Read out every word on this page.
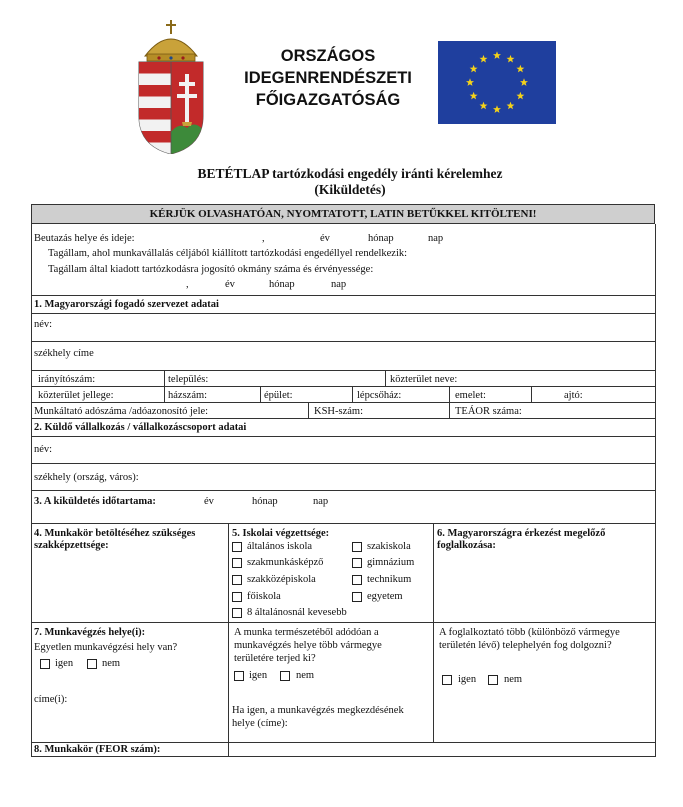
ORSZÁGOS
IDEGENRENDÉSZETI
FŐIGAZGATÓSÁG
BETÉTLAP tartózkodási engedély iránti kérelemhez
(Kiküldetés)
KÉRJÜK OLVASHATÓAN, NYOMTATOTT, LATIN BETŰKKEL KITÖLTENI!
Beutazás helye és ideje:	,	év	hónap	nap
Tagállam, ahol munkavállalás céljából kiállított tartózkodási engedéllyel rendelkezik:
Tagállam által kiadott tartózkodásra jogosító okmány száma és érvényessége:
,	év	hónap	nap
1. Magyarországi fogadó szervezet adatai
név:
székhely címe
irányítószám:	település:	közterület neve:
közterület jellege:	házszám:	épület:	lépcsőház:	emelet:	ajtó:
Munkáltató adószáma /adóazonosító jele:	KSH-szám:	TEÁOR száma:
2. Küldő vállalkozás / vállalkozáscsoport adatai
név:
székhely (ország, város):
3. A kiküldetés időtartama:	év	hónap	nap
4. Munkakör betöltéséhez szükséges
szakképzettsége:
5. Iskolai végzettsége:
általános iskola
szakmunkásképző
szakközépiskola
főiskola
8 általánosnál kevesebb
szakiskola
gimnázium
technikum
egyetem
6. Magyarországra érkezést megelőző
foglalkozása:
7. Munkavégzés helye(i):
Egyetlen munkavégzési hely van?
igen	nem
címe(i):
A munka természetéből adódóan a
munkavégzés helye több vármegye
területére terjed ki?
igen	nem
Ha igen, a munkavégzés megkezdésének
helye (címe):
A foglalkoztató több (különböző vármegye
területén lévő) telephelyén fog dolgozni?
igen	nem
8. Munkakör (FEOR szám):
